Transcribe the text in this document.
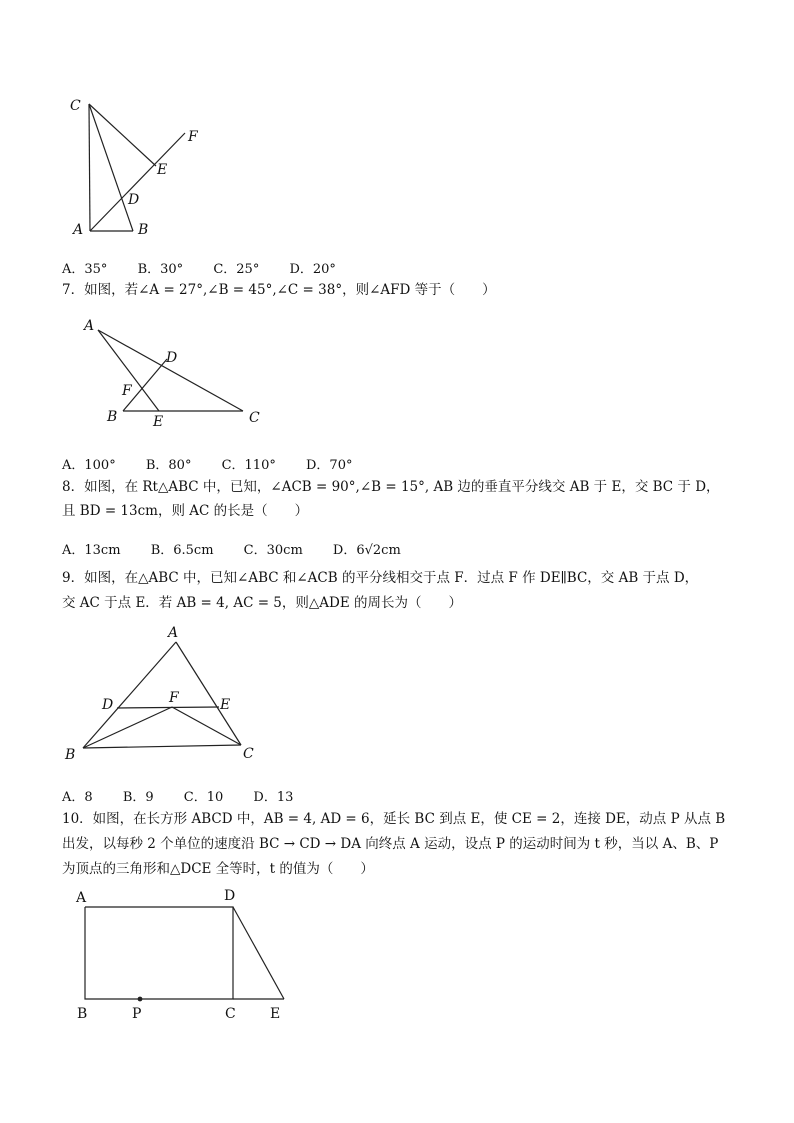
C
F
E
D
A	B
A．35° B．30° C．25° D．20°
7．如图，若∠A = 27°,∠B = 45°,∠C = 38°，则∠AFD 等于（　　）
A
D
F
B	E	C
A．100° B．80° C．110° D．70°
8．如图，在 Rt△ABC 中，已知，∠ACB = 90°,∠B = 15°, AB 边的垂直平分线交 AB 于 E，交 BC 于 D，
且 BD = 13cm，则 AC 的长是（　　）
A．13cm B．6.5cm C．30cm D．6√2cm
9．如图，在△ABC 中，已知∠ABC 和∠ACB 的平分线相交于点 F．过点 F 作 DE∥BC，交 AB 于点 D，
交 AC 于点 E．若 AB = 4, AC = 5，则△ADE 的周长为（　　）
A
D	F	E
B	C
A．8 B．9 C．10 D．13
10．如图，在长方形 ABCD 中，AB = 4, AD = 6，延长 BC 到点 E，使 CE = 2，连接 DE，动点 P 从点 B
出发，以每秒 2 个单位的速度沿 BC → CD → DA 向终点 A 运动，设点 P 的运动时间为 t 秒，当以 A、B、P
为顶点的三角形和△DCE 全等时，t 的值为（　　）
A	D
B	P	C E
